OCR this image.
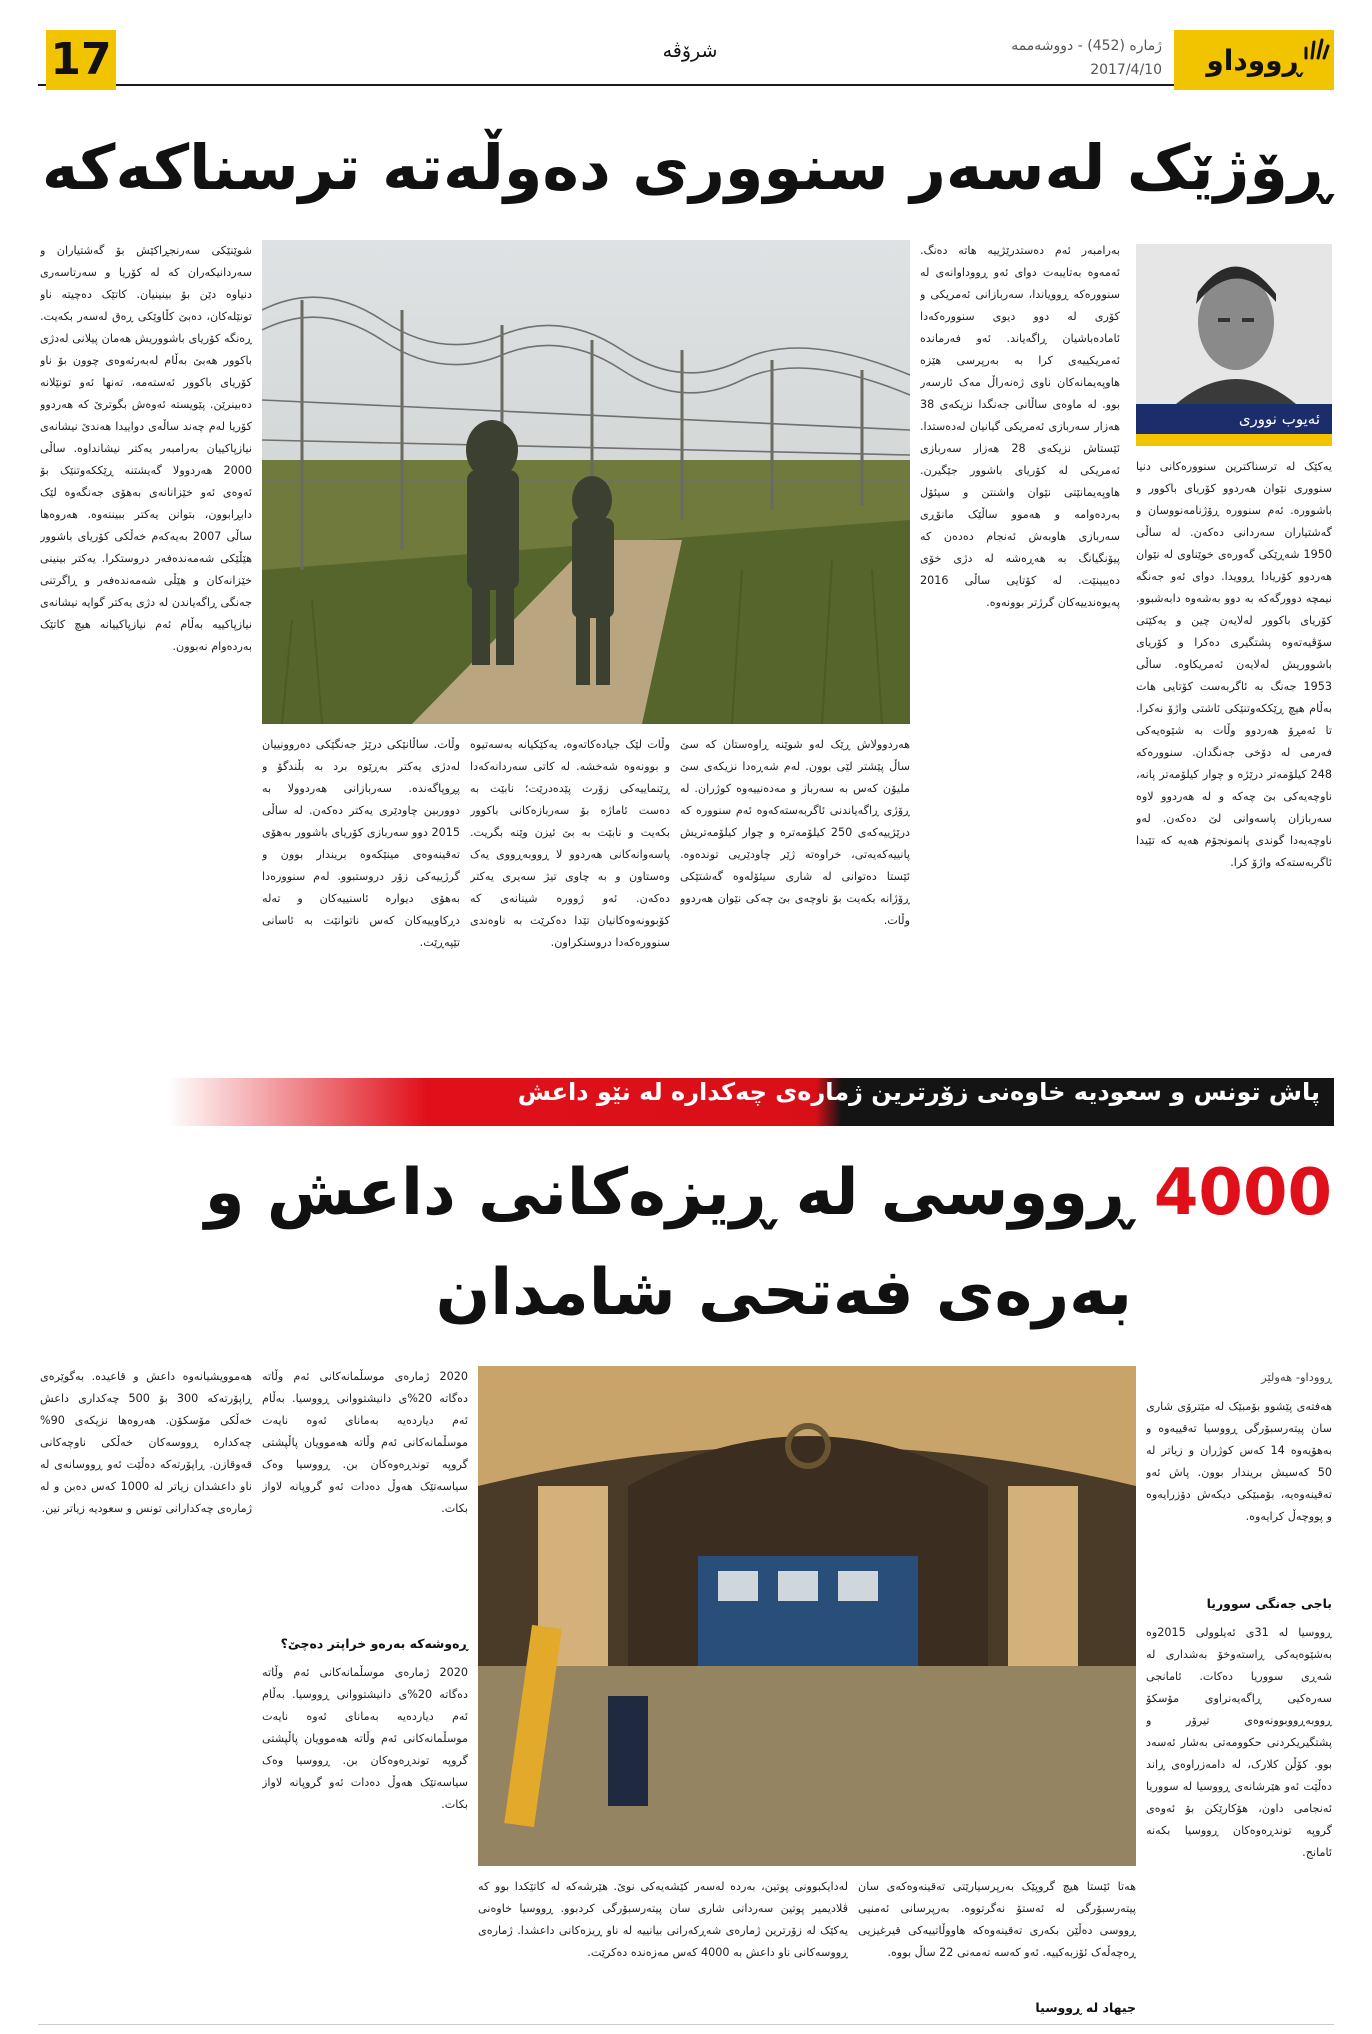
17	شرۆڤە	ڕووداو
ژمارە (452) - دووشەممە
2017/4/10
ڕۆژێک لەسەر سنووری دەوڵەتە ترسناکەکە
ئەیوب نووری
یەکێک لە ترسناکترین سنوورەکانی دنیا سنووری نێوان هەردوو کۆریای باکوور و باشوورە. ئەم سنوورە ڕۆژنامەنووسان و گەشتیاران سەردانی دەکەن. لە ساڵی 1950 شەڕێکی گەورەی خوێناوی لە نێوان هەردوو کۆریادا ڕوویدا. دوای ئەو جەنگە نیمچە دوورگەکە بە دوو بەشەوە دابەشبوو. کۆریای باکوور لەلایەن چین و یەکێتی سۆڤیەتەوە پشتگیری دەکرا و کۆریای باشووریش لەلایەن ئەمریکاوە. ساڵی 1953 جەنگ بە ئاگربەست کۆتایی هات بەڵام هیچ ڕێککەوتنێکی ئاشتی واژۆ نەکرا. تا ئەمڕۆ هەردوو وڵات بە شێوەیەکی فەرمی لە دۆخی جەنگدان. سنوورەکە 248 کیلۆمەتر درێژە و چوار کیلۆمەتر پانە، ناوچەیەکی بێ چەکە و لە هەردوو لاوە سەربازان پاسەوانی لێ دەکەن. لەو ناوچەیەدا گوندی پانمونجۆم هەیە کە تێیدا ئاگربەستەکە واژۆ کرا.
بەرامبەر ئەم دەستدرێژییە هاتە دەنگ. ئەمەوە بەتایبەت دوای ئەو ڕووداوانەی لە سنوورەکە ڕوویاندا، سەربازانی ئەمریکی و کۆری لە دوو دیوی سنوورەکەدا ئامادەباشیان ڕاگەیاند. ئەو فەرماندە ئەمریکییەی کرا بە بەرپرسی هێزە هاوپەیمانەکان ناوی ژەنەراڵ مەک ئارسەر بوو. لە ماوەی ساڵانی جەنگدا نزیکەی 38 هەزار سەربازی ئەمریکی گیانیان لەدەستدا. ئێستاش نزیکەی 28 هەزار سەربازی ئەمریکی لە کۆریای باشوور جێگیرن. هاوپەیمانێتی نێوان واشنتن و سیئۆل بەردەوامە و هەموو ساڵێک مانۆڕی سەربازی هاوبەش ئەنجام دەدەن کە پیۆنگیانگ بە هەڕەشە لە دژی خۆی دەیبینێت. لە کۆتایی ساڵی 2016 پەیوەندییەکان گرژتر بوونەوە.
شوێنێکی سەرنجڕاکێش بۆ گەشتیاران و سەردانیکەران کە لە کۆریا و سەرتاسەری دنیاوە دێن بۆ بینینیان. کاتێک دەچیتە ناو تونێلەکان، دەبێ کڵاوێکی ڕەق لەسەر بکەیت. ڕەنگە کۆریای باشووریش هەمان پیلانی لەدژی باکوور هەبێ بەڵام لەبەرئەوەی چوون بۆ ناو کۆریای باکوور ئەستەمە، تەنها ئەو تونێلانە دەبینرێن. پێویستە ئەوەش بگوترێ کە هەردوو کۆریا لەم چەند ساڵەی دواییدا هەندێ نیشانەی نیازپاکییان بەرامبەر یەکتر نیشانداوە. ساڵی 2000 هەردوولا گەیشتنە ڕێککەوتنێک بۆ ئەوەی ئەو خێزانانەی بەهۆی جەنگەوە لێک دابڕابوون، بتوانن یەکتر ببیننەوە. هەروەها ساڵی 2007 بەیەکەم خەڵکی کۆریای باشوور هێڵێکی شەمەندەفەر دروستکرا. یەکتر بینینی خێزانەکان و هێڵی شەمەندەفەر و ڕاگرتنی جەنگی ڕاگەیاندن لە دژی یەکتر گوایە نیشانەی نیازپاکییە بەڵام ئەم نیازپاکییانە هیچ کاتێک بەردەوام نەبوون.
هەردوولاش ڕێک لەو شوێنە ڕاوەستان کە سێ ساڵ پێشتر لێی بوون. لەم شەڕەدا نزیکەی سێ ملیۆن کەس بە سەرباز و مەدەنییەوە کوژران. لە ڕۆژی ڕاگەیاندنی ئاگربەستەکەوە ئەم سنوورە کە درێژییەکەی 250 کیلۆمەترە و چوار کیلۆمەتریش پانییەکەیەتی، خراوەتە ژێر چاودێریی توندەوە. ئێستا دەتوانی لە شاری سیئۆلەوە گەشتێکی ڕۆژانە بکەیت بۆ ناوچەی بێ چەکی نێوان هەردوو وڵات.
وڵات لێک جیادەکاتەوە، یەکێکیانە بەسەتیوە و بوونەوە شەخشە. لە کاتی سەردانەکەدا ڕێنماییەکی زۆرت پێدەدرێت؛ نابێت بە دەست ئاماژە بۆ سەربازەکانی باکوور بکەیت و نابێت بە بێ ئیزن وێنە بگریت. پاسەوانەکانی هەردوو لا ڕووبەڕووی یەک وەستاون و بە چاوی تیژ سەیری یەکتر دەکەن. ئەو ژوورە شینانەی کە کۆبوونەوەکانیان تێدا دەکرێت بە ناوەندی سنوورەکەدا دروستکراون.
وڵات. ساڵانێکی درێژ جەنگێکی دەروونییان لەدژی یەکتر بەڕێوە برد بە بڵندگۆ و پڕوپاگەندە. سەربازانی هەردوولا بە دووربین چاودێری یەکتر دەکەن. لە ساڵی 2015 دوو سەربازی کۆریای باشوور بەهۆی تەقینەوەی مینێکەوە بریندار بوون و گرژییەکی زۆر دروستبوو. لەم سنوورەدا بەهۆی دیوارە ئاسنییەکان و تەلە دڕکاوییەکان کەس ناتوانێت بە ئاسانی تێپەڕێت.
پاش تونس و سعودیە خاوەنی زۆرترین ژمارەی چەکدارە لە نێو داعش
4000 ڕووسی لە ڕیزەکانی داعش و
بەرەی فەتحی شامدان
ڕووداو- هەولێر
هەفتەی پێشوو بۆمبێک لە مێترۆی شاری سان پیتەرسبۆرگی ڕووسیا تەقییەوە و بەهۆیەوە 14 کەس کوژران و زیاتر لە 50 کەسیش بریندار بوون. پاش ئەو تەقینەوەیە، بۆمبێکی دیکەش دۆزرایەوە و پووچەڵ کرایەوە.
باجی جەنگی سووریا
ڕووسیا لە 31ی ئەیلوولی 2015وە بەشێوەیەکی ڕاستەوخۆ بەشداری لە شەڕی سووریا دەکات. ئامانجی سەرەکیی ڕاگەیەنراوی مۆسکۆ ڕووبەڕووبوونەوەی تیرۆر و پشتگیریکردنی حکوومەتی بەشار ئەسەد بوو. کۆڵن کلارک، لە دامەزراوەی ڕاند دەڵێت ئەو هێرشانەی ڕووسیا لە سووریا ئەنجامی داون، هۆکارێکن بۆ ئەوەی گروپە توندڕەوەکان ڕووسیا بکەنە ئامانج.
هەتا ئێستا هیچ گروپێک بەرپرسیارێتی تەقینەوەکەی سان پیتەرسبۆرگی لە ئەستۆ نەگرتووە. بەرپرسانی ئەمنیی ڕووسی دەڵێن بکەری تەقینەوەکە هاووڵاتییەکی قیرغیزیی ڕەچەڵەک ئۆزبەکییە. ئەو کەسە تەمەنی 22 ساڵ بووە.
جیهاد لە ڕووسیا
لەدایکبوونی پوتین، بەردە لەسەر کێشەیەکی نوێ. هێرشەکە لە کاتێکدا بوو کە ڤلادیمیر پوتین سەردانی شاری سان پیتەرسبۆرگی کردبوو. ڕووسیا خاوەنی یەکێک لە زۆرترین ژمارەی شەڕکەرانی بیانییە لە ناو ڕیزەکانی داعشدا. ژمارەی ڕووسەکانی ناو داعش بە 4000 کەس مەزەندە دەکرێت.
2020 ژمارەی موسڵمانەکانی ئەم وڵاتە دەگاتە 20%ی دانیشتووانی ڕووسیا. بەڵام ئەم دیاردەیە بەمانای ئەوە نایەت موسڵمانەکانی ئەم وڵاتە هەموویان پاڵپشتی گروپە توندڕەوەکان بن. ڕووسیا وەک سیاسەتێک هەوڵ دەدات ئەو گروپانە لاواز بکات.
ڕەوشەکە بەرەو خراپتر دەچێ؟
2020 ژمارەی موسڵمانەکانی ئەم وڵاتە دەگاتە 20%ی دانیشتووانی ڕووسیا. بەڵام ئەم دیاردەیە بەمانای ئەوە نایەت موسڵمانەکانی ئەم وڵاتە هەموویان پاڵپشتی گروپە توندڕەوەکان بن. ڕووسیا وەک سیاسەتێک هەوڵ دەدات ئەو گروپانە لاواز بکات.
هەموویشیانەوە داعش و قاعیدە. بەگوێرەی ڕاپۆرتەکە 300 بۆ 500 چەکداری داعش خەڵکی مۆسکۆن. هەروەها نزیکەی 90% چەکدارە ڕووسەکان خەڵکی ناوچەکانی قەوقازن. ڕاپۆرتەکە دەڵێت ئەو ڕووسانەی لە ناو داعشدان زیاتر لە 1000 کەس دەبن و لە ژمارەی چەکدارانی تونس و سعودیە زیاتر نین.
